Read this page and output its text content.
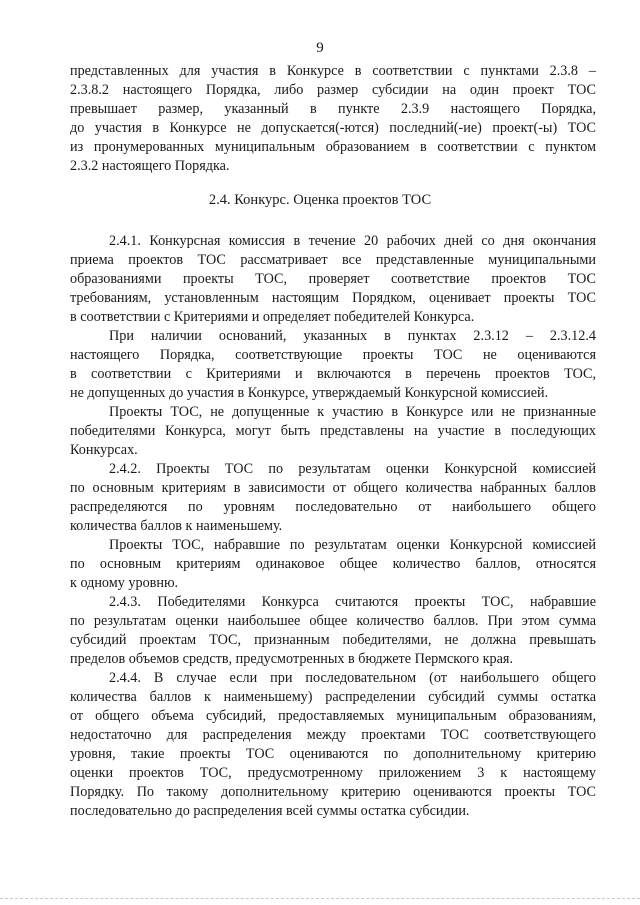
9
представленных для участия в Конкурсе в соответствии с пунктами 2.3.8 –
2.3.8.2 настоящего Порядка, либо размер субсидии на один проект ТОС
превышает размер, указанный в пункте 2.3.9 настоящего Порядка,
до участия в Конкурсе не допускается(-ются) последний(-ие) проект(-ы) ТОС
из пронумерованных муниципальным образованием в соответствии с пунктом
2.3.2 настоящего Порядка.
2.4. Конкурс. Оценка проектов ТОС
2.4.1. Конкурсная комиссия в течение 20 рабочих дней со дня окончания
приема проектов ТОС рассматривает все представленные муниципальными
образованиями проекты ТОС, проверяет соответствие проектов ТОС
требованиям, установленным настоящим Порядком, оценивает проекты ТОС
в соответствии с Критериями и определяет победителей Конкурса.
При наличии оснований, указанных в пунктах 2.3.12 – 2.3.12.4
настоящего Порядка, соответствующие проекты ТОС не оцениваются
в соответствии с Критериями и включаются в перечень проектов ТОС,
не допущенных до участия в Конкурсе, утверждаемый Конкурсной комиссией.
Проекты ТОС, не допущенные к участию в Конкурсе или не признанные
победителями Конкурса, могут быть представлены на участие в последующих
Конкурсах.
2.4.2. Проекты ТОС по результатам оценки Конкурсной комиссией
по основным критериям в зависимости от общего количества набранных баллов
распределяются по уровням последовательно от наибольшего общего
количества баллов к наименьшему.
Проекты ТОС, набравшие по результатам оценки Конкурсной комиссией
по основным критериям одинаковое общее количество баллов, относятся
к одному уровню.
2.4.3. Победителями Конкурса считаются проекты ТОС, набравшие
по результатам оценки наибольшее общее количество баллов. При этом сумма
субсидий проектам ТОС, признанным победителями, не должна превышать
пределов объемов средств, предусмотренных в бюджете Пермского края.
2.4.4. В случае если при последовательном (от наибольшего общего
количества баллов к наименьшему) распределении субсидий суммы остатка
от общего объема субсидий, предоставляемых муниципальным образованиям,
недостаточно для распределения между проектами ТОС соответствующего
уровня, такие проекты ТОС оцениваются по дополнительному критерию
оценки проектов ТОС, предусмотренному приложением 3 к настоящему
Порядку. По такому дополнительному критерию оцениваются проекты ТОС
последовательно до распределения всей суммы остатка субсидии.
